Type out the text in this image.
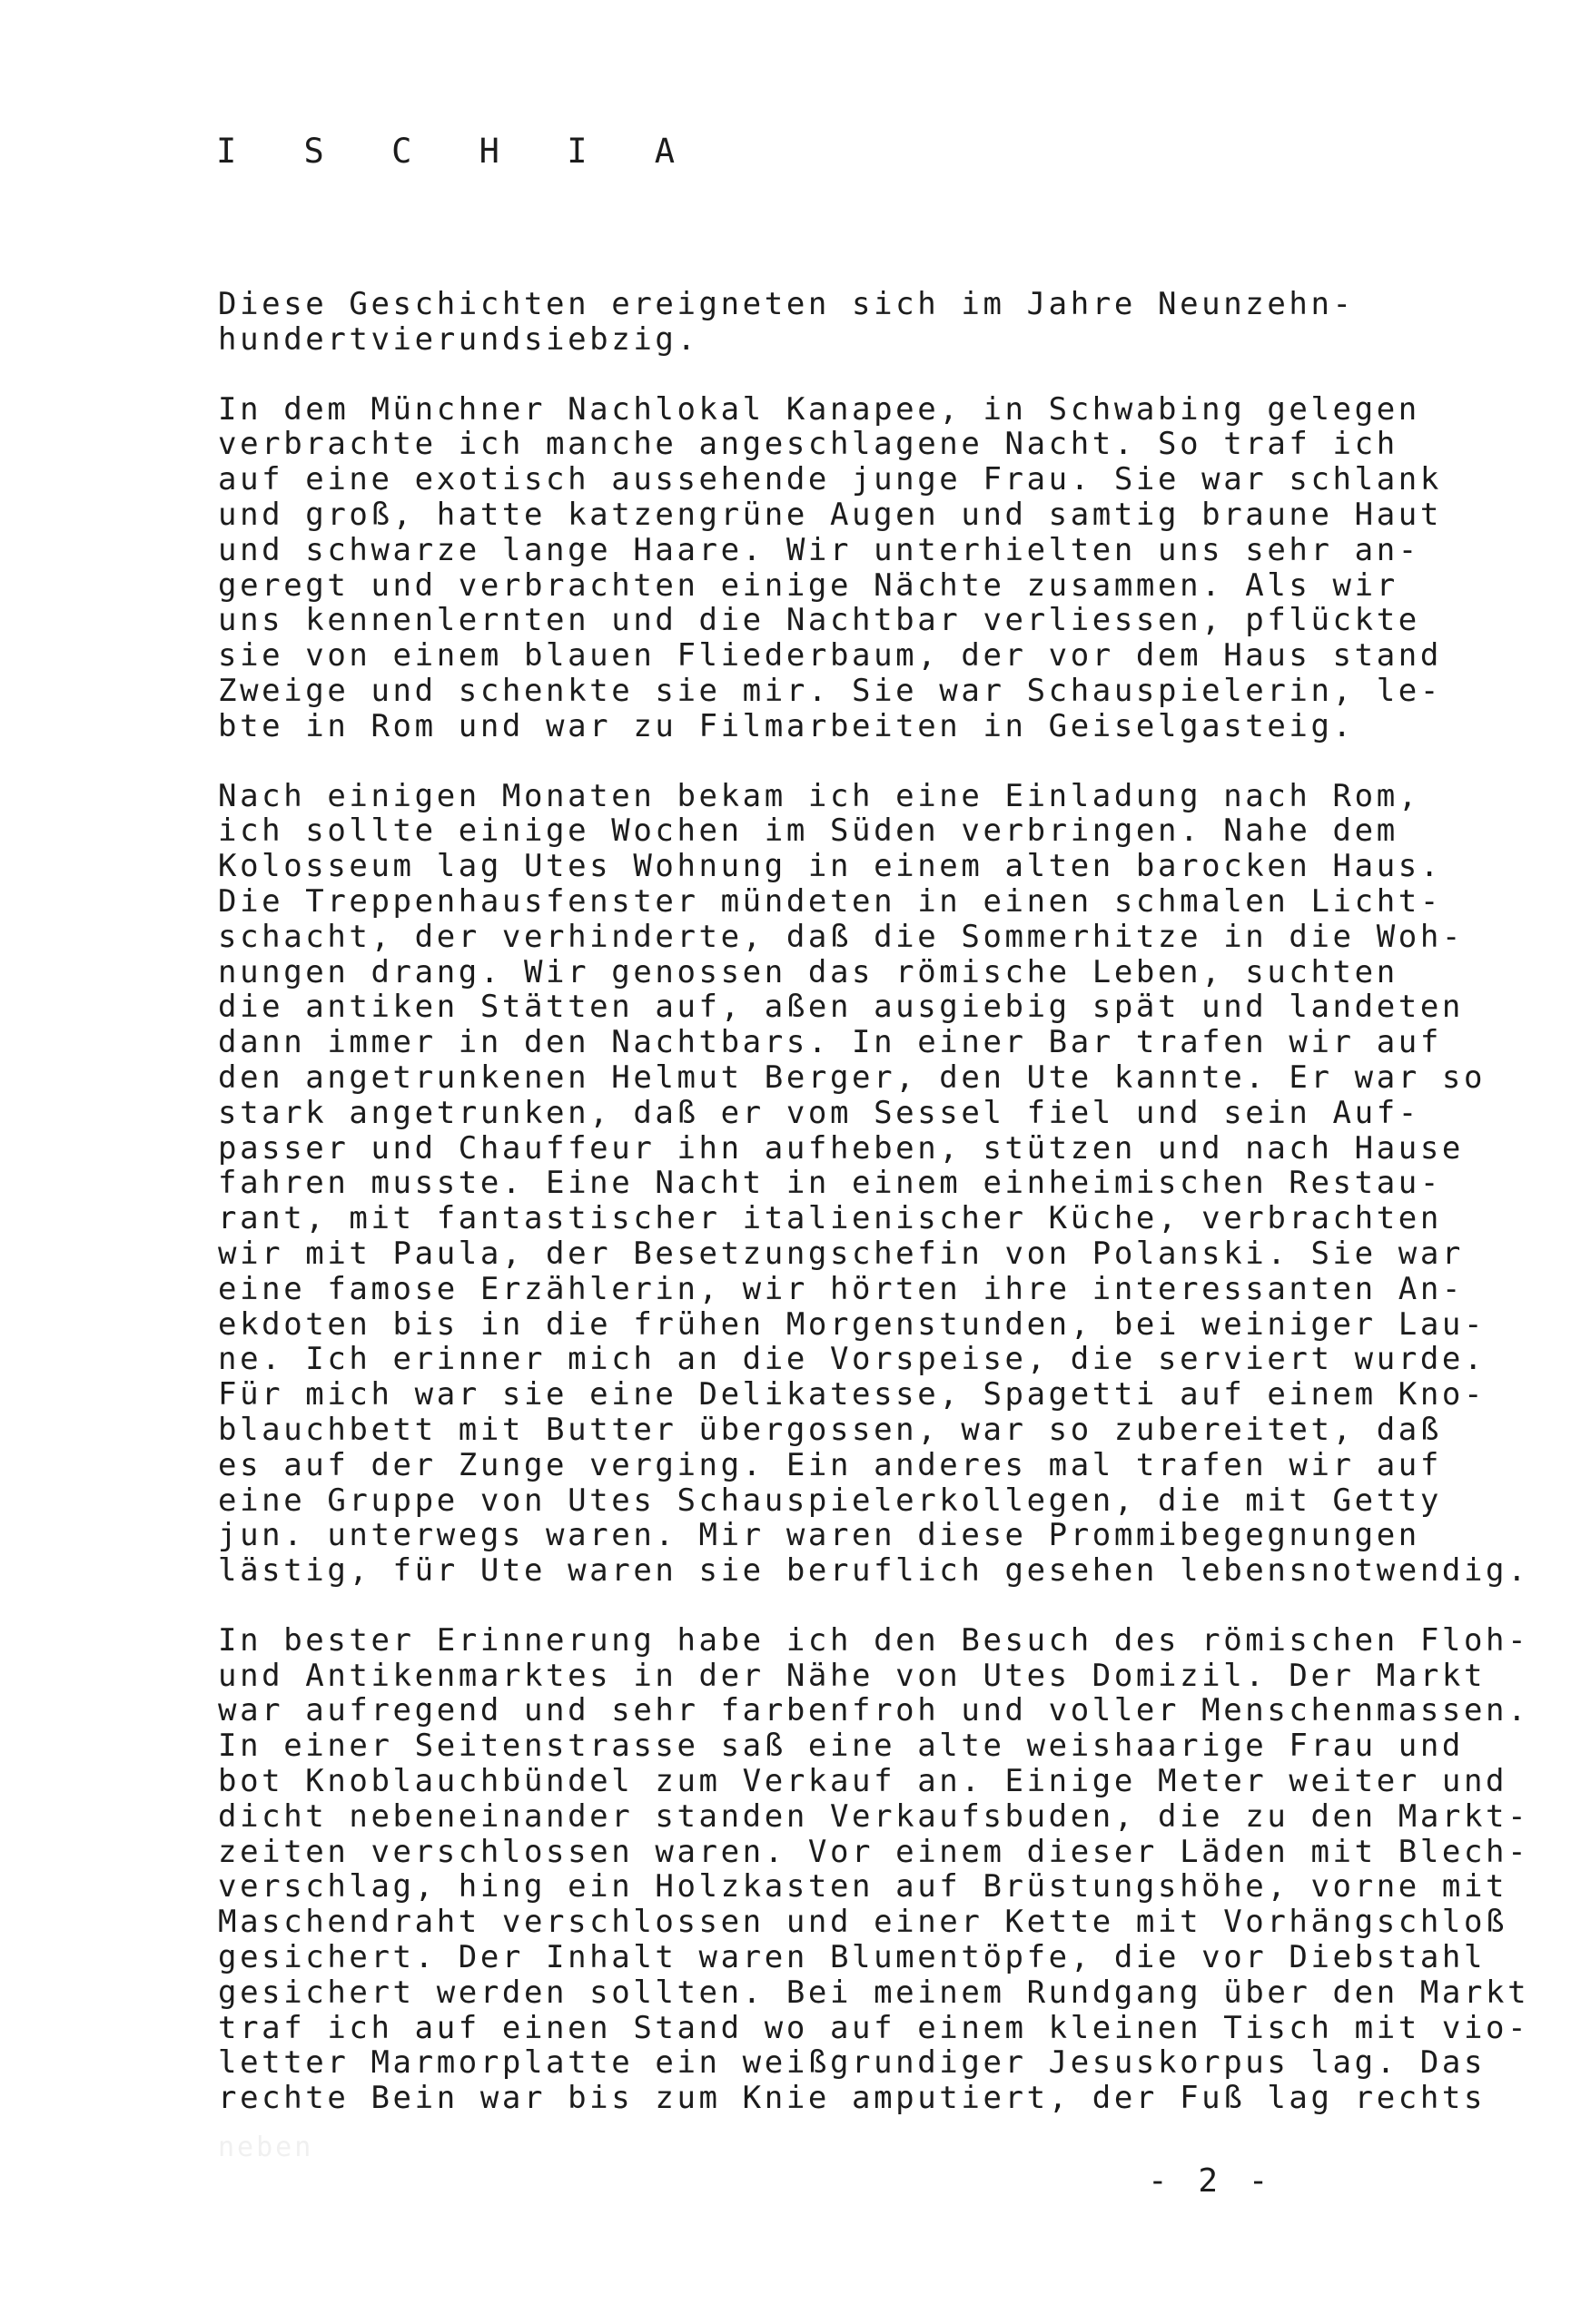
I S C H I A
Diese Geschichten ereigneten sich im Jahre Neunzehn-
hundertvierundsiebzig.
In dem Münchner Nachlokal Kanapee, in Schwabing gelegen
verbrachte ich manche angeschlagene Nacht. So traf ich
auf eine exotisch aussehende junge Frau. Sie war schlank
und groß, hatte katzengrüne Augen und samtig braune Haut
und schwarze lange Haare. Wir unterhielten uns sehr an-
geregt und verbrachten einige Nächte zusammen. Als wir
uns kennenlernten und die Nachtbar verliessen, pflückte
sie von einem blauen Fliederbaum, der vor dem Haus stand
Zweige und schenkte sie mir. Sie war Schauspielerin, le-
bte in Rom und war zu Filmarbeiten in Geiselgasteig.
Nach einigen Monaten bekam ich eine Einladung nach Rom,
ich sollte einige Wochen im Süden verbringen. Nahe dem
Kolosseum lag Utes Wohnung in einem alten barocken Haus.
Die Treppenhausfenster mündeten in einen schmalen Licht-
schacht, der verhinderte, daß die Sommerhitze in die Woh-
nungen drang. Wir genossen das römische Leben, suchten
die antiken Stätten auf, aßen ausgiebig spät und landeten
dann immer in den Nachtbars. In einer Bar trafen wir auf
den angetrunkenen Helmut Berger, den Ute kannte. Er war so
stark angetrunken, daß er vom Sessel fiel und sein Auf-
passer und Chauffeur ihn aufheben, stützen und nach Hause
fahren musste. Eine Nacht in einem einheimischen Restau-
rant, mit fantastischer italienischer Küche, verbrachten
wir mit Paula, der Besetzungschefin von Polanski. Sie war
eine famose Erzählerin, wir hörten ihre interessanten An-
ekdoten bis in die frühen Morgenstunden, bei weiniger Lau-
ne. Ich erinner mich an die Vorspeise, die serviert wurde.
Für mich war sie eine Delikatesse, Spagetti auf einem Kno-
blauchbett mit Butter übergossen, war so zubereitet, daß
es auf der Zunge verging. Ein anderes mal trafen wir auf
eine Gruppe von Utes Schauspielerkollegen, die mit Getty
jun. unterwegs waren. Mir waren diese Prommibegegnungen
lästig, für Ute waren sie beruflich gesehen lebensnotwendig.
In bester Erinnerung habe ich den Besuch des römischen Floh-
und Antikenmarktes in der Nähe von Utes Domizil. Der Markt
war aufregend und sehr farbenfroh und voller Menschenmassen.
In einer Seitenstrasse saß eine alte weishaarige Frau und
bot Knoblauchbündel zum Verkauf an. Einige Meter weiter und
dicht nebeneinander standen Verkaufsbuden, die zu den Markt-
zeiten verschlossen waren. Vor einem dieser Läden mit Blech-
verschlag, hing ein Holzkasten auf Brüstungshöhe, vorne mit
Maschendraht verschlossen und einer Kette mit Vorhängschloß
gesichert. Der Inhalt waren Blumentöpfe, die vor Diebstahl
gesichert werden sollten. Bei meinem Rundgang über den Markt
traf ich auf einen Stand wo auf einem kleinen Tisch mit vio-
letter Marmorplatte ein weißgrundiger Jesuskorpus lag. Das
rechte Bein war bis zum Knie amputiert, der Fuß lag rechts
neben
- 2 -
